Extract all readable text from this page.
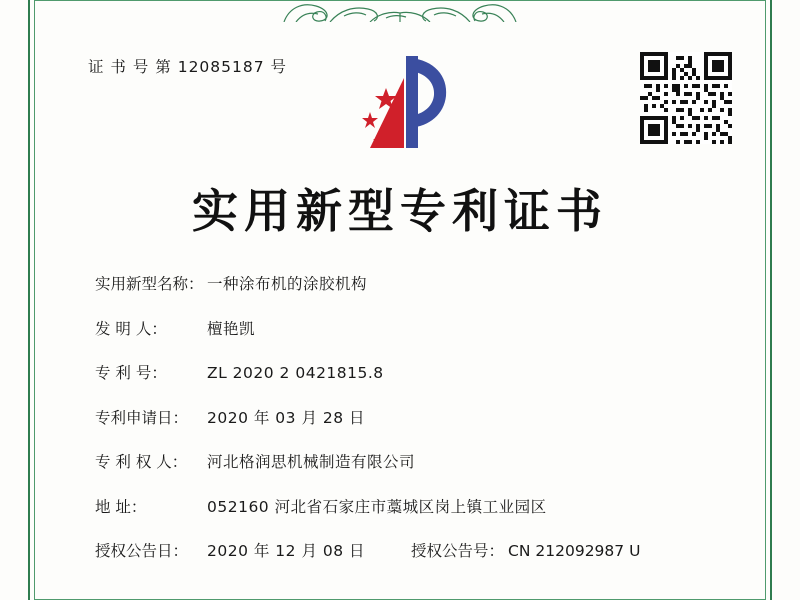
证 书 号 第 12085187 号
实用新型专利证书
实用新型名称： 一种涂布机的涂胶机构
发 明 人：	檀艳凯
专 利 号：	ZL 2020 2 0421815.8
专利申请日：	2020 年 03 月 28 日
专 利 权 人：	河北格润思机械制造有限公司
地 址：	052160 河北省石家庄市藁城区岗上镇工业园区
授权公告日：	2020 年 12 月 08 日	授权公告号： CN 212092987 U
